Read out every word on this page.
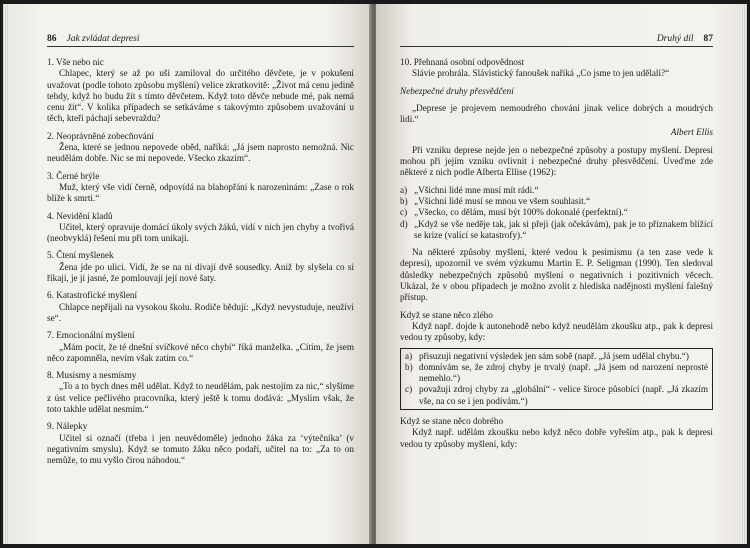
86 Jak zvládat depresi
1. Vše nebo nic
Chlapec, který se až po uši zamiloval do určitého děvčete, je v pokušení uvažovat (podle tohoto způsobu myšlení) velice zkratkovitě: „Život má cenu jedině tehdy, když ho budu žít s tímto děvčetem. Když toto děvče nebude mé, pak nemá cenu žít“. V kolika případech se setkáváme s takovýmto způsobem uvažování u těch, kteří páchají sebevraždu?
2. Neoprávněné zobecňování
Žena, které se jednou nepovede oběd, naříká: „Já jsem naprosto nemožná. Nic neudělám dobře. Nic se mi nepovede. Všecko zkazím“.
3. Černé brýle
Muž, který vše vidí černě, odpovídá na blahopřání k narozeninám: „Zase o rok blíže k smrti.“
4. Nevidění kladů
Učitel, který opravuje domácí úkoly svých žáků, vidí v nich jen chyby a tvořivá (neobvyklá) řešení mu při tom unikají.
5. Čtení myšlenek
Žena jde po ulici. Vidí, že se na ni dívají dvě sousedky. Aniž by slyšela co si říkají, je jí jasné, že pomlouvají její nové šaty.
6. Katastrofické myšlení
Chlapce nepřijali na vysokou školu. Rodiče bědují: „Když nevystuduje, neužívi se“.
7. Emocionální myšlení
„Mám pocit, že té dnešní svíčkové něco chybí“ říká manželka. „Cítím, že jsem něco zapomněla, nevím však zatím co.“
8. Musísmy a nesmísmy
„To a to bych dnes měl udělat. Když to neudělám, pak nestojím za nic,“ slyšíme z úst velice pečlivého pracovníka, který ještě k tomu dodává: „Myslím však, že toto takhle udělat nesmím.“
9. Nálepky
Učitel si označí (třeba i jen neuvědoměle) jednoho žáka za ‘výtečníka’ (v negativním smyslu). Když se tomuto žáku něco podaří, učitel na to: „Za to on nemůže, to mu vyšlo čirou náhodou.“
Druhý díl 87
10. Přehnaná osobní odpovědnost
Slávie prohrála. Slávistický fanoušek naříká „Co jsme to jen udělali?“
Nebezpečné druhy přesvědčení
„Deprese je projevem nemoudrého chování jinak velice dobrých a moudrých lidí.“
Albert Ellis
Při vzniku deprese nejde jen o nebezpečné způsoby a postupy myšlení. Depresi mohou při jejím vzniku ovlivnit i nebezpečné druhy přesvědčení. Uveďme zde některé z nich podle Alberta Ellise (1962):
a) „Všichni lidé mne musí mít rádi.“
b) „Všichni lidé musí se mnou ve všem souhlasit.“
c) „Všecko, co dělám, musí být 100% dokonalé (perfektní).“
d) „Když se vše neděje tak, jak si přeji (jak očekávám), pak je to příznakem blížící se krize (valící se katastrofy).“
Na některé způsoby myšlení, které vedou k pesimismu (a ten zase vede k depresi), upozornil ve svém výzkumu Martin E. P. Seligman (1990). Ten sledoval důsledky nebezpečných způsobů myšlení o negativních i pozitivních věcech. Ukázal, že v obou případech je možno zvolit z hlediska nadějnosti myšlení falešný přístup.
Když se stane něco zlého
Když např. dojde k autonehodě nebo když neudělám zkoušku atp., pak k depresi vedou ty způsoby, kdy:
a) přisuzuji negativní výsledek jen sám sobě (např. „Já jsem udělal chybu.“)
b) domnívám se, že zdroj chyby je trvalý (např. „Já jsem od narození neprosté nemehlo.“)
c) považuji zdroj chyby za „globální“ - velice široce působící (např. „Já zkazím vše, na co se i jen podívám.“)
Když se stane něco dobrého
Když např. udělám zkoušku nebo když něco dobře vyřeším atp., pak k depresi vedou ty způsoby myšlení, kdy:
